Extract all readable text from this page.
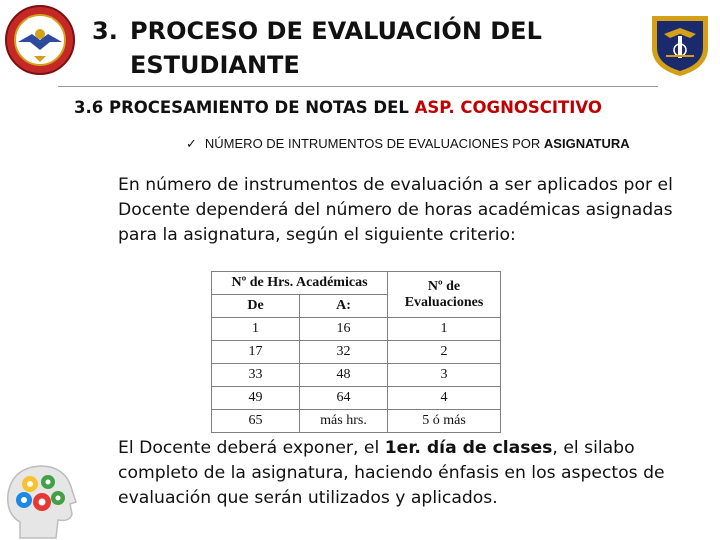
3. PROCESO DE EVALUACIÓN DEL
ESTUDIANTE
3.6 PROCESAMIENTO DE NOTAS DEL ASP. COGNOSCITIVO
✓ NÚMERO DE INTRUMENTOS DE EVALUACIONES POR ASIGNATURA
En número de instrumentos de evaluación a ser aplicados por el Docente dependerá del número de horas académicas asignadas para la asignatura, según el siguiente criterio:
Nº de Hrs. Académicas		Nº de Evaluaciones
De	A:	
1	16	1
17	32	2
33	48	3
49	64	4
65	más hrs.	5 ó más
El Docente deberá exponer, el 1er. día de clases, el silabo completo de la asignatura, haciendo énfasis en los aspectos de evaluación que serán utilizados y aplicados.
